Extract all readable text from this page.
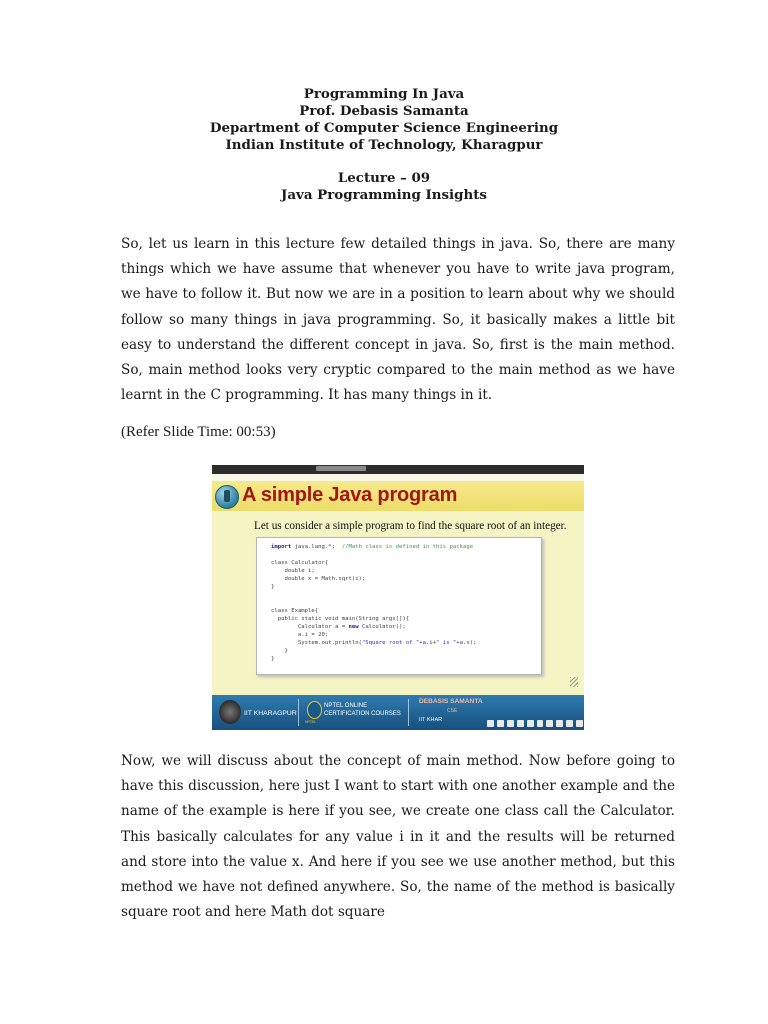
Programming In Java
Prof. Debasis Samanta
Department of Computer Science Engineering
Indian Institute of Technology, Kharagpur
Lecture – 09
Java Programming Insights

So, let us learn in this lecture few detailed things in java. So, there are many things which we have assume that whenever you have to write java program, we have to follow it. But now we are in a position to learn about why we should follow so many things in java programming. So, it basically makes a little bit easy to understand the different concept in java. So, first is the main method. So, main method looks very cryptic compared to the main method as we have learnt in the C programming. It has many things in it.

(Refer Slide Time: 00:53)

A simple Java program
Let us consider a simple program to find the square root of an integer.
import java.lang.*;  //Math class is defined in this package
class Calculator{
double i;
double x = Math.sqrt(i);
}
class Example{
public static void main(String args[]){
Calculator a = new Calculator();
a.i = 20;
System.out.println("Square root of "+a.i+" is "+a.x);
}
}
IIT KHARAGPUR
NPTEL
NPTEL ONLINE
CERTIFICATION COURSES
DEBASIS SAMANTA
CSE
IIT KHAR

Now, we will discuss about the concept of main method. Now before going to have this discussion, here just I want to start with one another example and the name of the example is here if you see, we create one class call the Calculator. This basically calculates for any value i in it and the results will be returned and store into the value x. And here if you see we use another method, but this method we have not defined anywhere. So, the name of the method is basically square root and here Math dot square
